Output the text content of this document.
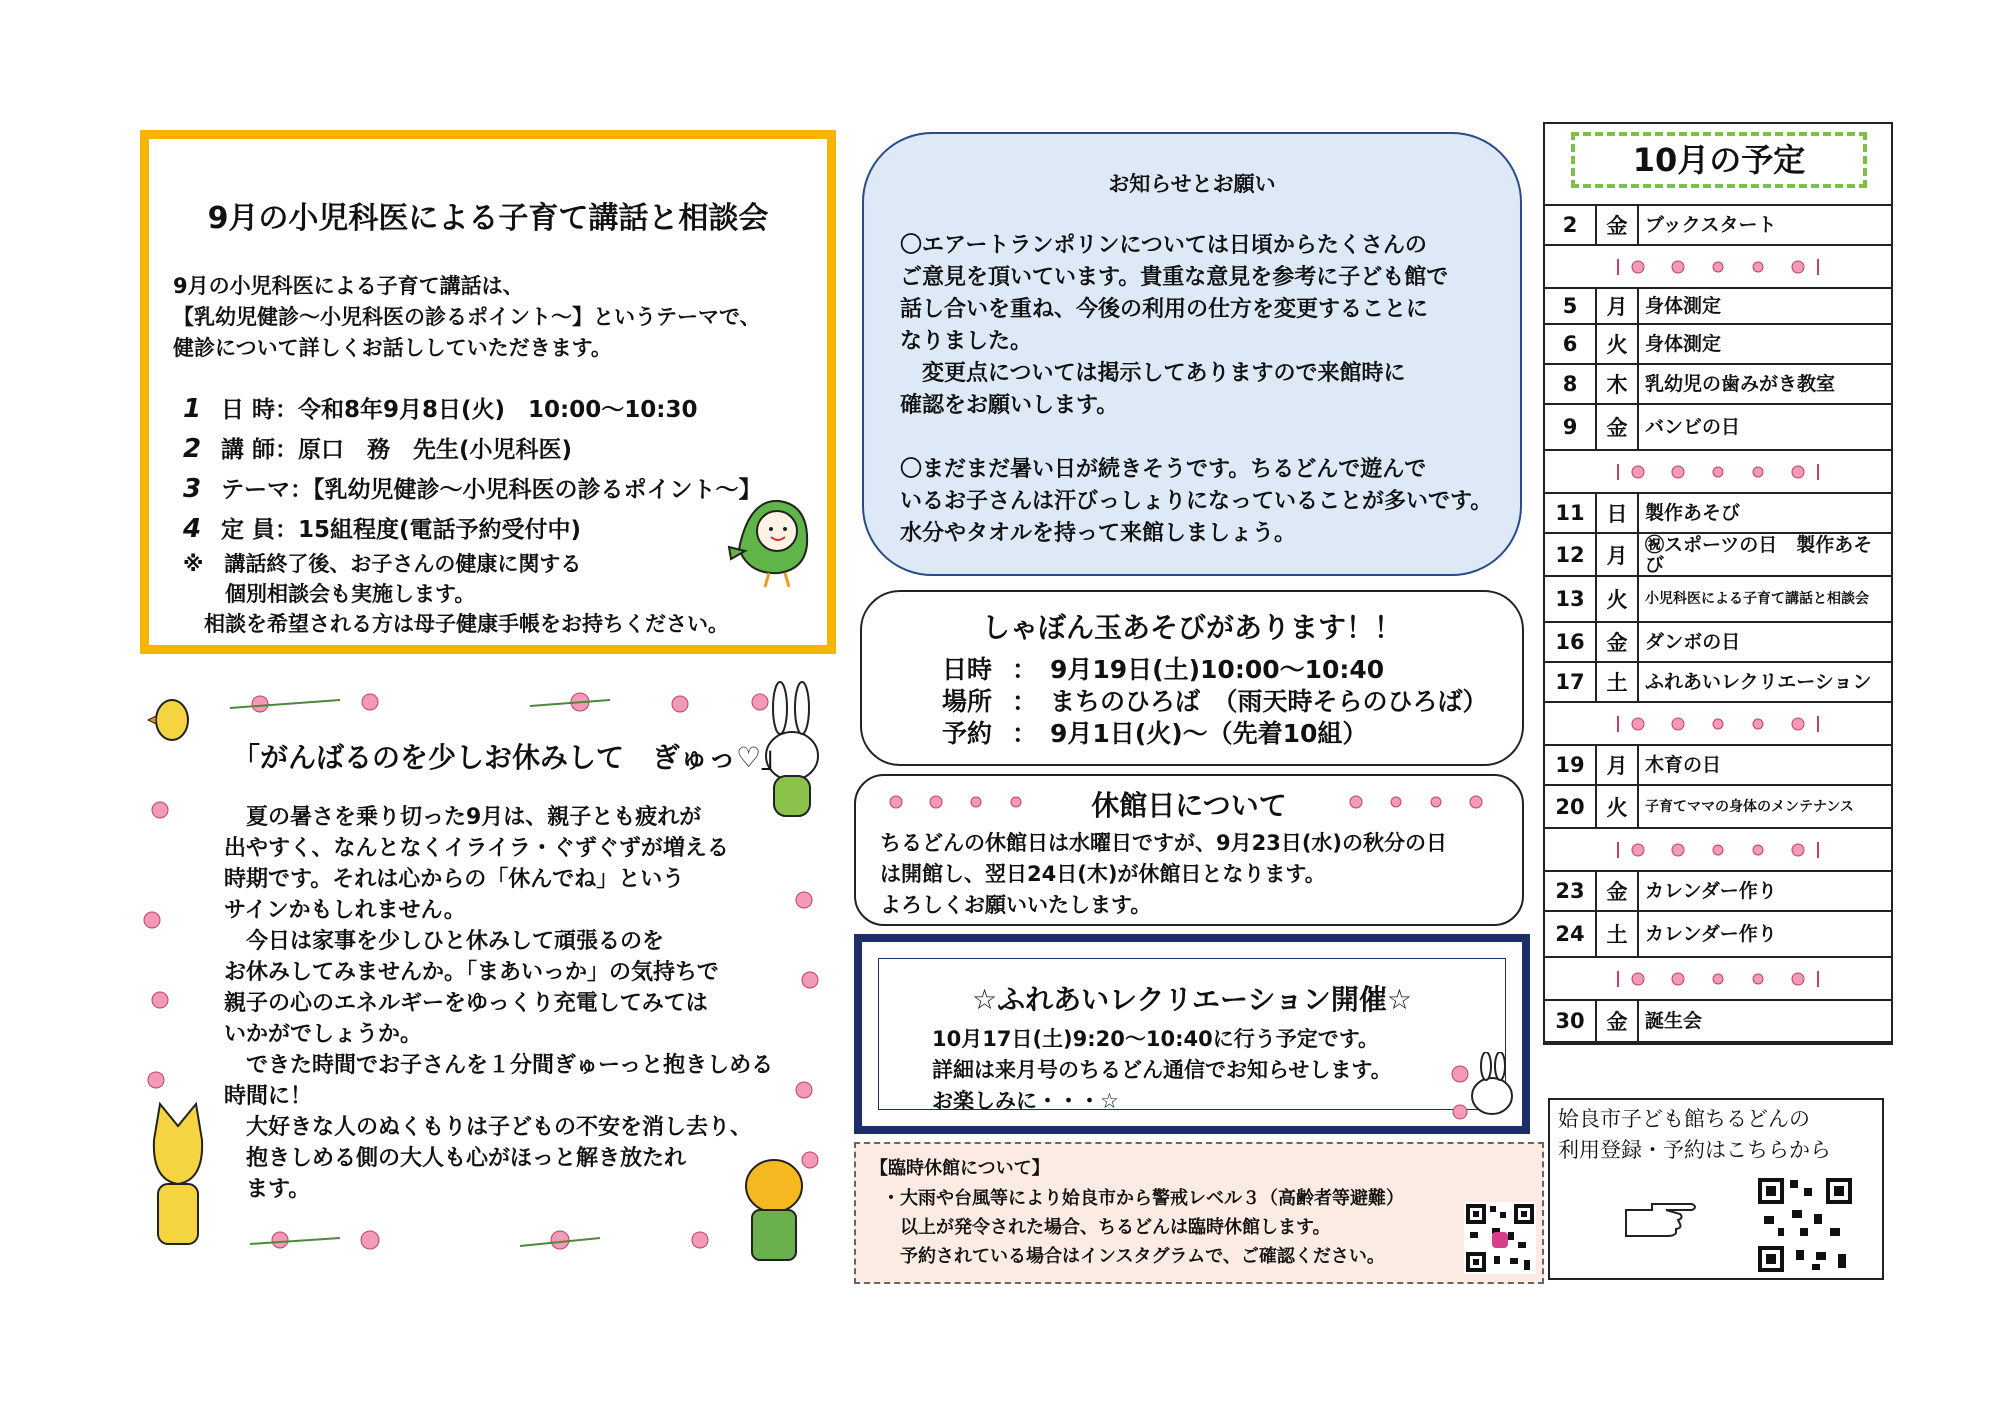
9月の小児科医による子育て講話と相談会
9月の小児科医による子育て講話は、
【乳幼児健診～小児科医の診るポイント～】というテーマで、
健診について詳しくお話ししていただきます。
1 日 時：令和8年9月8日(火)　10:00～10:30
2 講 師：原口　務　先生(小児科医)
3 テーマ：【乳幼児健診～小児科医の診るポイント～】
4 定 員：15組程度(電話予約受付中)
※　講話終了後、お子さんの健康に関する
　　個別相談会も実施します。
　相談を希望される方は母子健康手帳をお持ちください。
「がんばるのを少しお休みして　ぎゅっ♡」
　夏の暑さを乗り切った9月は、親子とも疲れが
出やすく、なんとなくイライラ・ぐずぐずが増える
時期です。それは心からの「休んでね」という
サインかもしれません。
　今日は家事を少しひと休みして頑張るのを
お休みしてみませんか。「まあいっか」の気持ちで
親子の心のエネルギーをゆっくり充電してみては
いかがでしょうか。
　できた時間でお子さんを１分間ぎゅーっと抱きしめる
時間に！
　大好きな人のぬくもりは子どもの不安を消し去り、
　抱きしめる側の大人も心がほっと解き放たれ
　ます。
お知らせとお願い
〇エアートランポリンについては日頃からたくさんの
ご意見を頂いています。貴重な意見を参考に子ども館で
話し合いを重ね、今後の利用の仕方を変更することに
なりました。
　変更点については掲示してありますので来館時に
確認をお願いします。
〇まだまだ暑い日が続きそうです。ちるどんで遊んで
いるお子さんは汗びっしょりになっていることが多いです。
水分やタオルを持って来館しましょう。
しゃぼん玉あそびがあります！！
日時 ： 9月19日(土)10:00～10:40
場所 ： まちのひろば　（雨天時そらのひろば）
予約 ： 9月1日(火)～（先着10組）
休館日について
ちるどんの休館日は水曜日ですが、9月23日(水)の秋分の日
は開館し、翌日24日(木)が休館日となります。
よろしくお願いいたします。
☆ふれあいレクリエーション開催☆
10月17日(土)9:20～10:40に行う予定です。
詳細は来月号のちるどん通信でお知らせします。
お楽しみに・・・☆
【臨時休館について】
・大雨や台風等により姶良市から警戒レベル３（高齢者等避難）
　以上が発令された場合、ちるどんは臨時休館します。
　予約されている場合はインスタグラムで、ご確認ください。
10月の予定
2	金 ブックスタート
5	月 身体測定
6	火 身体測定
8	木 乳幼児の歯みがき教室
9	金 バンビの日
11	日 製作あそび
12	月 ㊗スポーツの日　製作あそび
13	火	小児科医による子育て講話と相談会
16	金 ダンボの日
17	土 ふれあいレクリエーション
19	月 木育の日
20	火	子育てママの身体のメンテナンス
23	金 カレンダー作り
24	土 カレンダー作り
30	金 誕生会
姶良市子ども館ちるどんの
利用登録・予約はこちらから
